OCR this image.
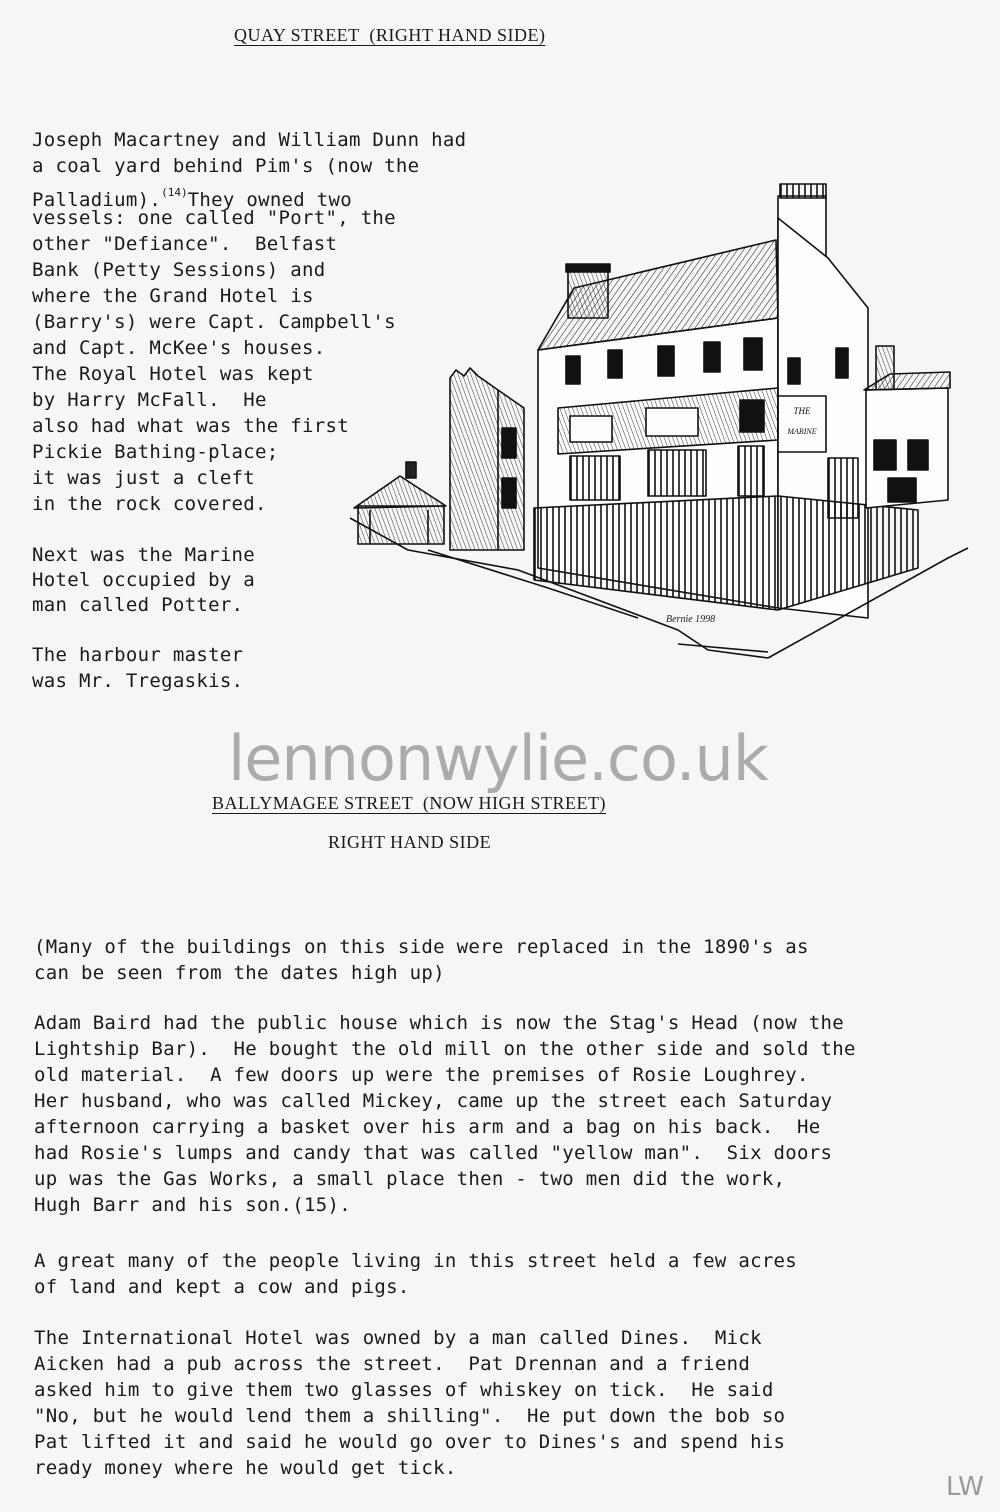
QUAY STREET  (RIGHT HAND SIDE)
Joseph Macartney and William Dunn had
a coal yard behind Pim's (now the
Palladium).$^{(14)}$They owned two
vessels: one called "Port", the
other "Defiance".  Belfast
Bank (Petty Sessions) and
where the Grand Hotel is
(Barry's) were Capt. Campbell's
and Capt. McKee's houses.
The Royal Hotel was kept
by Harry McFall.  He
also had what was the first
Pickie Bathing-place;
it was just a cleft
in the rock covered.
Next was the Marine
Hotel occupied by a
man called Potter.
The harbour master
was Mr. Tregaskis.
THE
MARINE
Bernie 1998
lennonwylie.co.uk
BALLYMAGEE STREET  (NOW HIGH STREET)
RIGHT HAND SIDE
(Many of the buildings on this side were replaced in the 1890's as
can be seen from the dates high up)
Adam Baird had the public house which is now the Stag's Head (now the
Lightship Bar).  He bought the old mill on the other side and sold the
old material.  A few doors up were the premises of Rosie Loughrey.
Her husband, who was called Mickey, came up the street each Saturday
afternoon carrying a basket over his arm and a bag on his back.  He
had Rosie's lumps and candy that was called "yellow man".  Six doors
up was the Gas Works, a small place then - two men did the work,
Hugh Barr and his son.(15).
A great many of the people living in this street held a few acres
of land and kept a cow and pigs.
The International Hotel was owned by a man called Dines.  Mick
Aicken had a pub across the street.  Pat Drennan and a friend
asked him to give them two glasses of whiskey on tick.  He said
"No, but he would lend them a shilling".  He put down the bob so
Pat lifted it and said he would go over to Dines's and spend his
ready money where he would get tick.
LW
